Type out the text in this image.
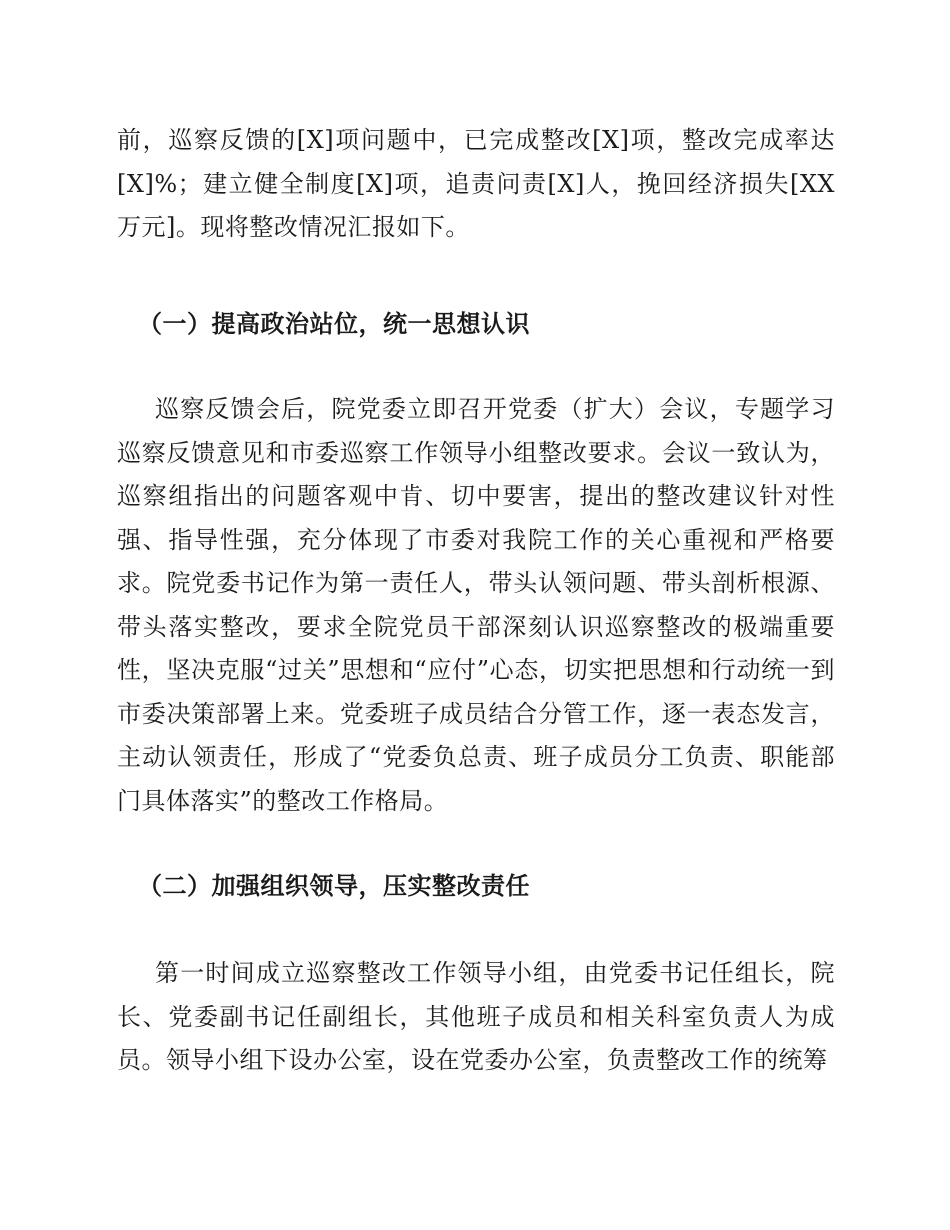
前，巡察反馈的[X]项问题中，已完成整改[X]项，整改完成率达[X]%；建立健全制度[X]项，追责问责[X]人，挽回经济损失[XX万元]。现将整改情况汇报如下。

（一）提高政治站位，统一思想认识

巡察反馈会后，院党委立即召开党委（扩大）会议，专题学习巡察反馈意见和市委巡察工作领导小组整改要求。会议一致认为，巡察组指出的问题客观中肯、切中要害，提出的整改建议针对性强、指导性强，充分体现了市委对我院工作的关心重视和严格要求。院党委书记作为第一责任人，带头认领问题、带头剖析根源、带头落实整改，要求全院党员干部深刻认识巡察整改的极端重要性，坚决克服“过关”思想和“应付”心态，切实把思想和行动统一到市委决策部署上来。党委班子成员结合分管工作，逐一表态发言，主动认领责任，形成了“党委负总责、班子成员分工负责、职能部门具体落实”的整改工作格局。

（二）加强组织领导，压实整改责任

第一时间成立巡察整改工作领导小组，由党委书记任组长，院长、党委副书记任副组长，其他班子成员和相关科室负责人为成员。领导小组下设办公室，设在党委办公室，负责整改工作的统筹
